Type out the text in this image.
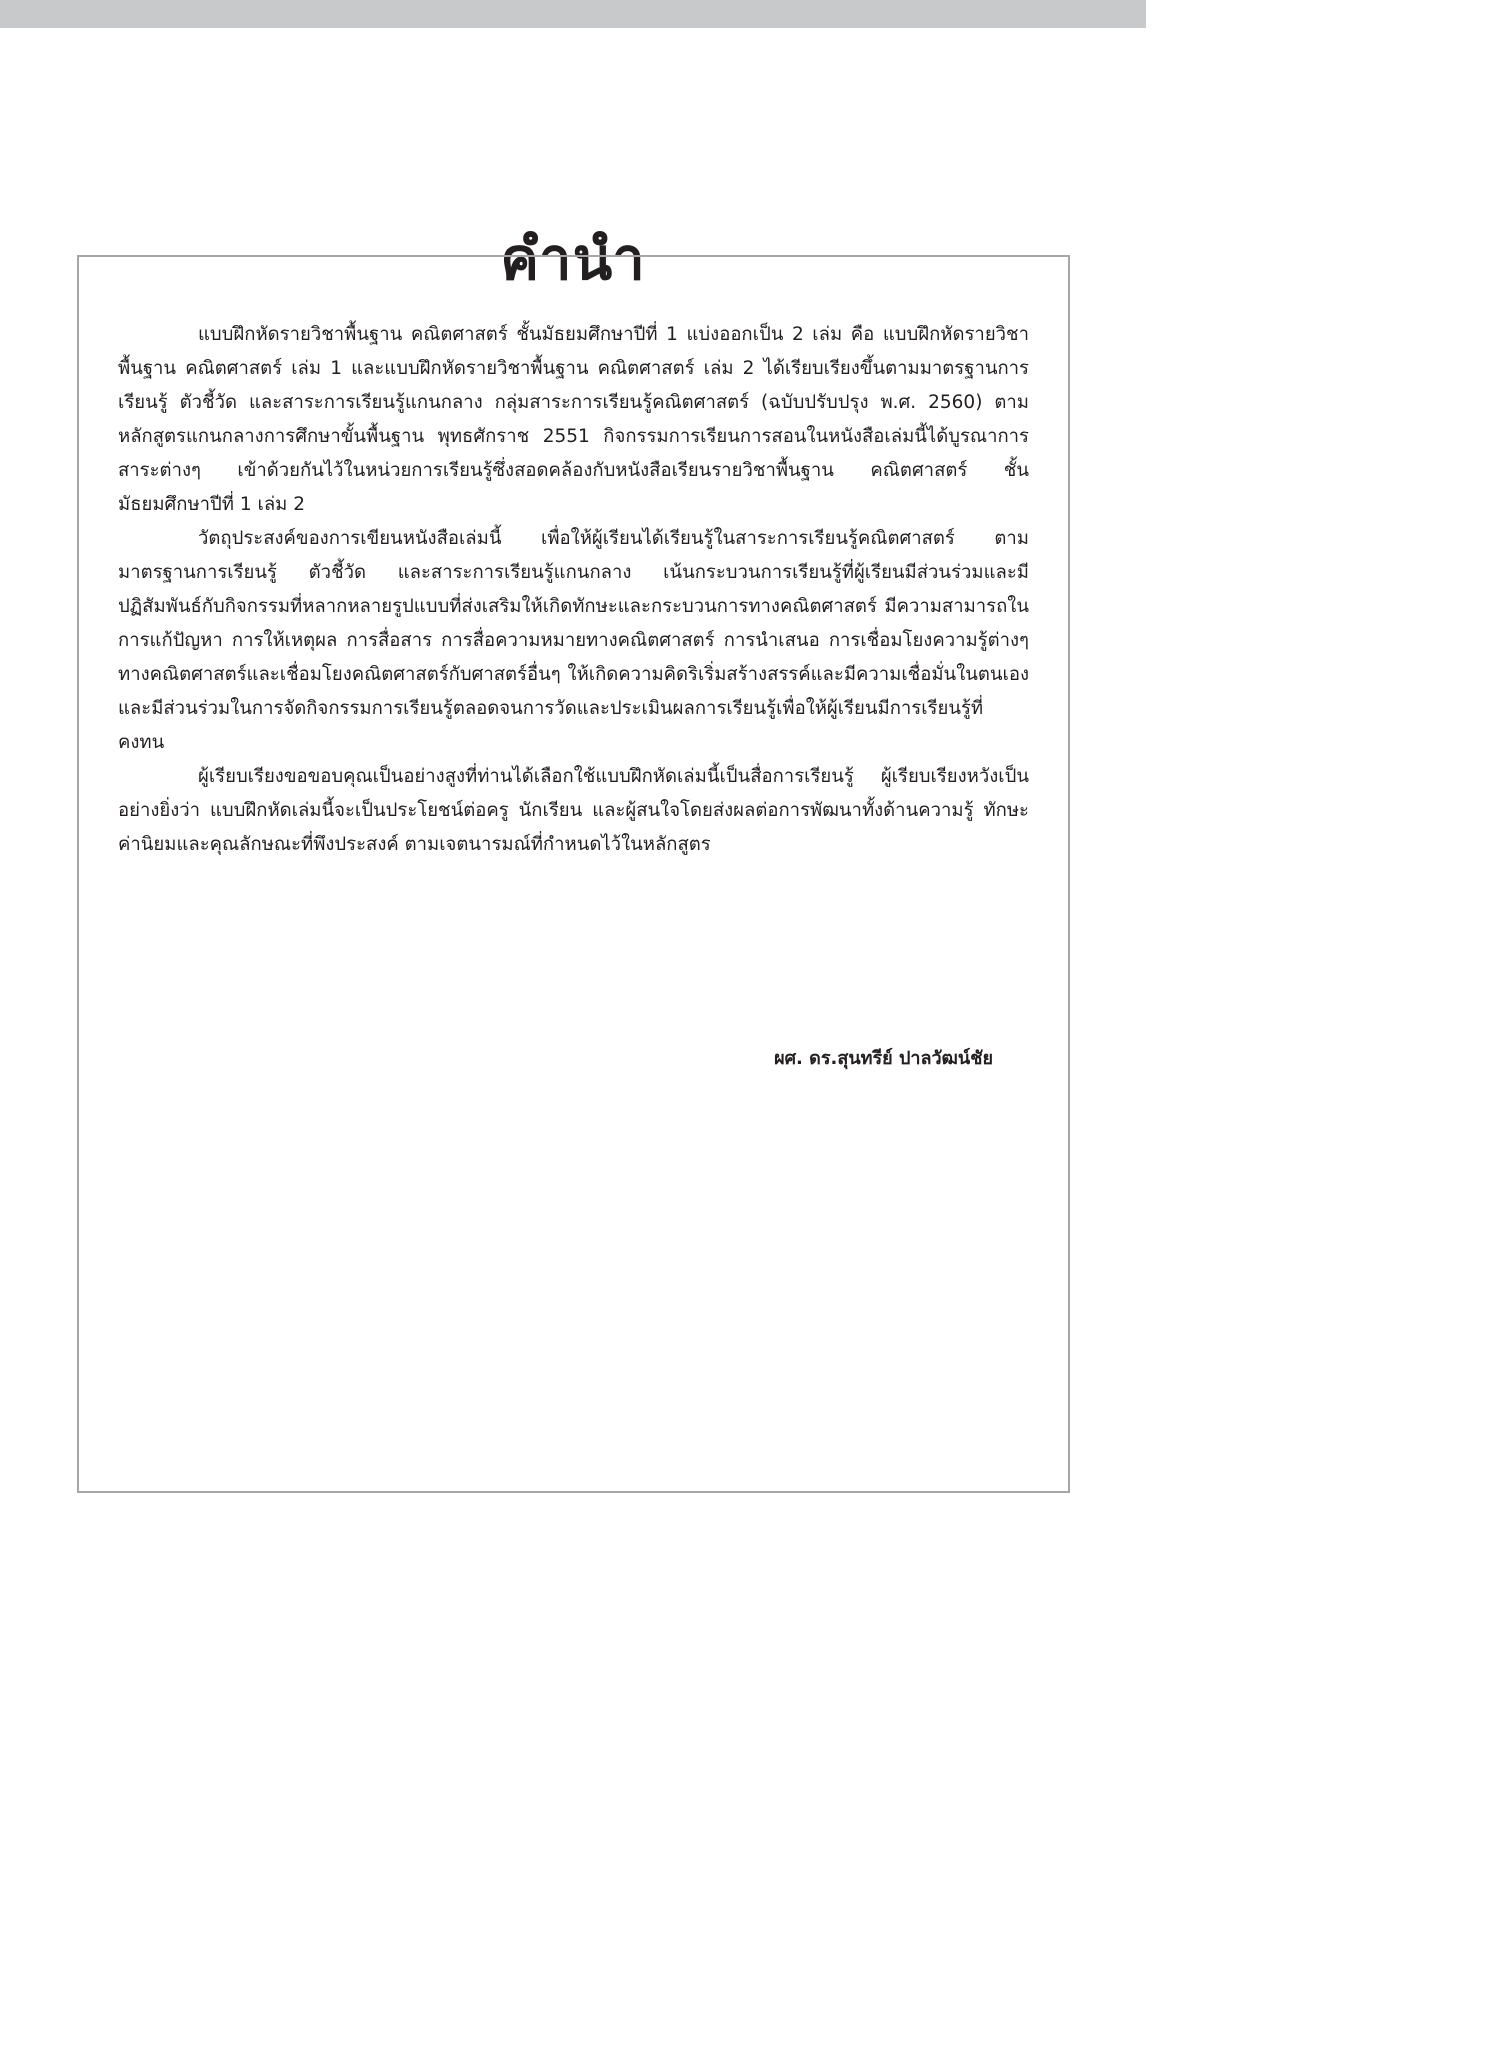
คำนำ

แบบฝึกหัดรายวิชาพื้นฐาน คณิตศาสตร์ ชั้นมัธยมศึกษาปีที่ 1 แบ่งออกเป็น 2 เล่ม คือ แบบฝึกหัดรายวิชาพื้นฐาน คณิตศาสตร์ เล่ม 1 และแบบฝึกหัดรายวิชาพื้นฐาน คณิตศาสตร์ เล่ม 2 ได้เรียบเรียงขึ้นตามมาตรฐานการเรียนรู้ ตัวชี้วัด และสาระการเรียนรู้แกนกลาง กลุ่มสาระการเรียนรู้คณิตศาสตร์ (ฉบับปรับปรุง พ.ศ. 2560) ตามหลักสูตรแกนกลางการศึกษาขั้นพื้นฐาน พุทธศักราช 2551 กิจกรรมการเรียนการสอนในหนังสือเล่มนี้ได้บูรณาการสาระต่างๆ เข้าด้วยกันไว้ในหน่วยการเรียนรู้ซึ่งสอดคล้องกับหนังสือเรียนรายวิชาพื้นฐาน คณิตศาสตร์ ชั้นมัธยมศึกษาปีที่ 1 เล่ม 2

วัตถุประสงค์ของการเขียนหนังสือเล่มนี้ เพื่อให้ผู้เรียนได้เรียนรู้ในสาระการเรียนรู้คณิตศาสตร์ ตามมาตรฐานการเรียนรู้ ตัวชี้วัด และสาระการเรียนรู้แกนกลาง เน้นกระบวนการเรียนรู้ที่ผู้เรียนมีส่วนร่วมและมีปฏิสัมพันธ์กับกิจกรรมที่หลากหลายรูปแบบที่ส่งเสริมให้เกิดทักษะและกระบวนการทางคณิตศาสตร์ มีความสามารถในการแก้ปัญหา การให้เหตุผล การสื่อสาร การสื่อความหมายทางคณิตศาสตร์ การนำเสนอ การเชื่อมโยงความรู้ต่างๆ ทางคณิตศาสตร์และเชื่อมโยงคณิตศาสตร์กับศาสตร์อื่นๆ ให้เกิดความคิดริเริ่มสร้างสรรค์และมีความเชื่อมั่นในตนเอง และมีส่วนร่วมในการจัดกิจกรรมการเรียนรู้ตลอดจนการวัดและประเมินผลการเรียนรู้เพื่อให้ผู้เรียนมีการเรียนรู้ที่คงทน

ผู้เรียบเรียงขอขอบคุณเป็นอย่างสูงที่ท่านได้เลือกใช้แบบฝึกหัดเล่มนี้เป็นสื่อการเรียนรู้ ผู้เรียบเรียงหวังเป็นอย่างยิ่งว่า แบบฝึกหัดเล่มนี้จะเป็นประโยชน์ต่อครู นักเรียน และผู้สนใจโดยส่งผลต่อการพัฒนาทั้งด้านความรู้ ทักษะ ค่านิยมและคุณลักษณะที่พึงประสงค์ ตามเจตนารมณ์ที่กำหนดไว้ในหลักสูตร

ผศ. ดร.สุนทรีย์ ปาลวัฒน์ชัย
